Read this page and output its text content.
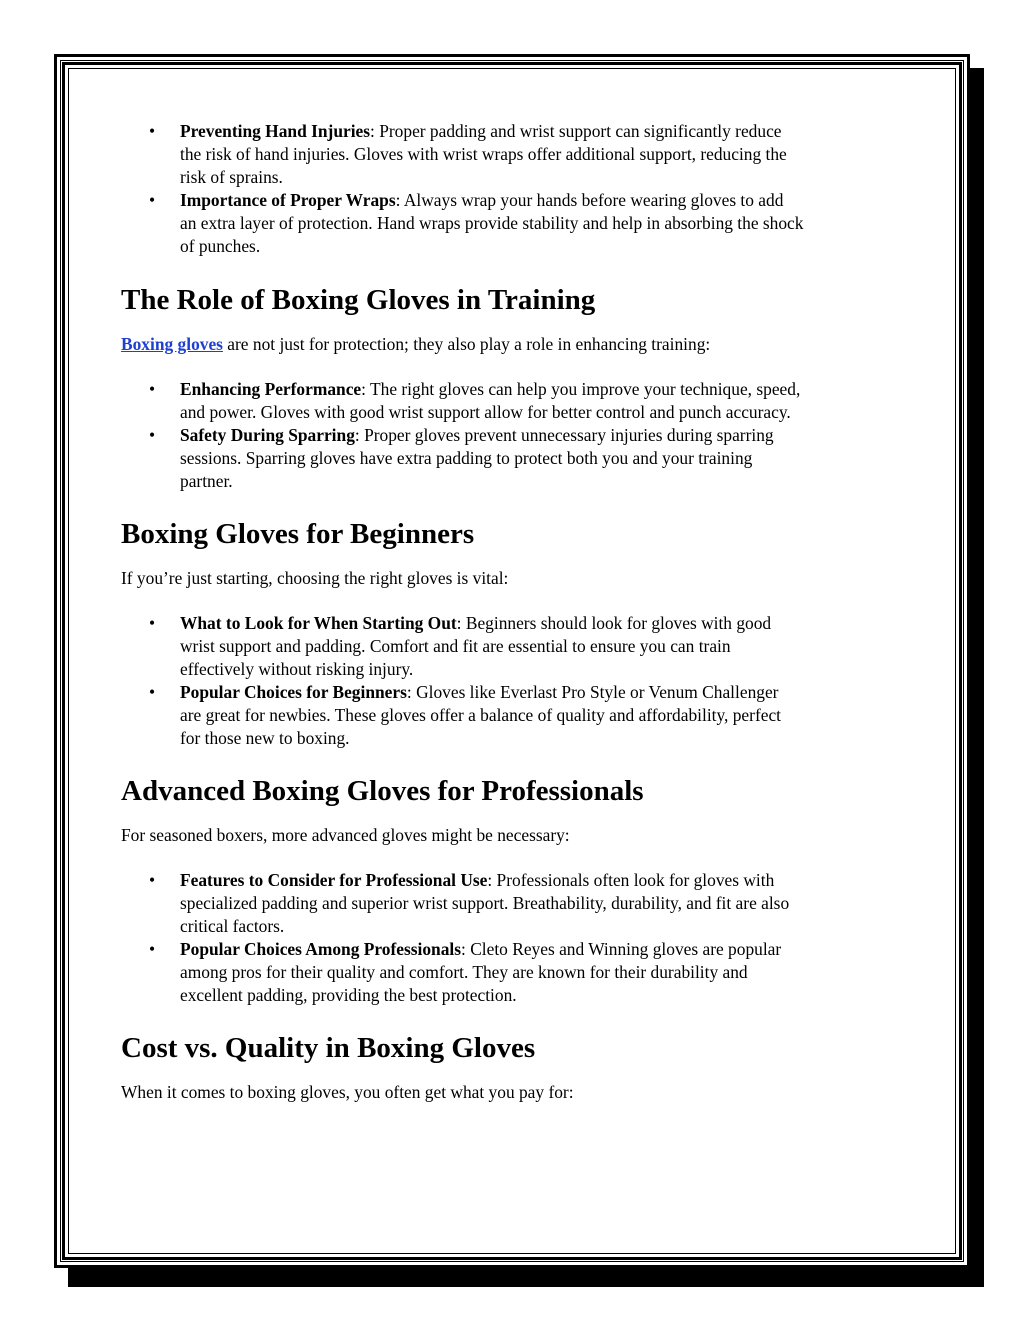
• Preventing Hand Injuries: Proper padding and wrist support can significantly reduce
the risk of hand injuries. Gloves with wrist wraps offer additional support, reducing the
risk of sprains.
• Importance of Proper Wraps: Always wrap your hands before wearing gloves to add
an extra layer of protection. Hand wraps provide stability and help in absorbing the shock
of punches.
The Role of Boxing Gloves in Training

Boxing gloves are not just for protection; they also play a role in enhancing training:

• Enhancing Performance: The right gloves can help you improve your technique, speed,
and power. Gloves with good wrist support allow for better control and punch accuracy.
• Safety During Sparring: Proper gloves prevent unnecessary injuries during sparring
sessions. Sparring gloves have extra padding to protect both you and your training
partner.
Boxing Gloves for Beginners

If you’re just starting, choosing the right gloves is vital:

• What to Look for When Starting Out: Beginners should look for gloves with good
wrist support and padding. Comfort and fit are essential to ensure you can train
effectively without risking injury.
• Popular Choices for Beginners: Gloves like Everlast Pro Style or Venum Challenger
are great for newbies. These gloves offer a balance of quality and affordability, perfect
for those new to boxing.
Advanced Boxing Gloves for Professionals

For seasoned boxers, more advanced gloves might be necessary:

• Features to Consider for Professional Use: Professionals often look for gloves with
specialized padding and superior wrist support. Breathability, durability, and fit are also
critical factors.
• Popular Choices Among Professionals: Cleto Reyes and Winning gloves are popular
among pros for their quality and comfort. They are known for their durability and
excellent padding, providing the best protection.
Cost vs. Quality in Boxing Gloves

When it comes to boxing gloves, you often get what you pay for:
